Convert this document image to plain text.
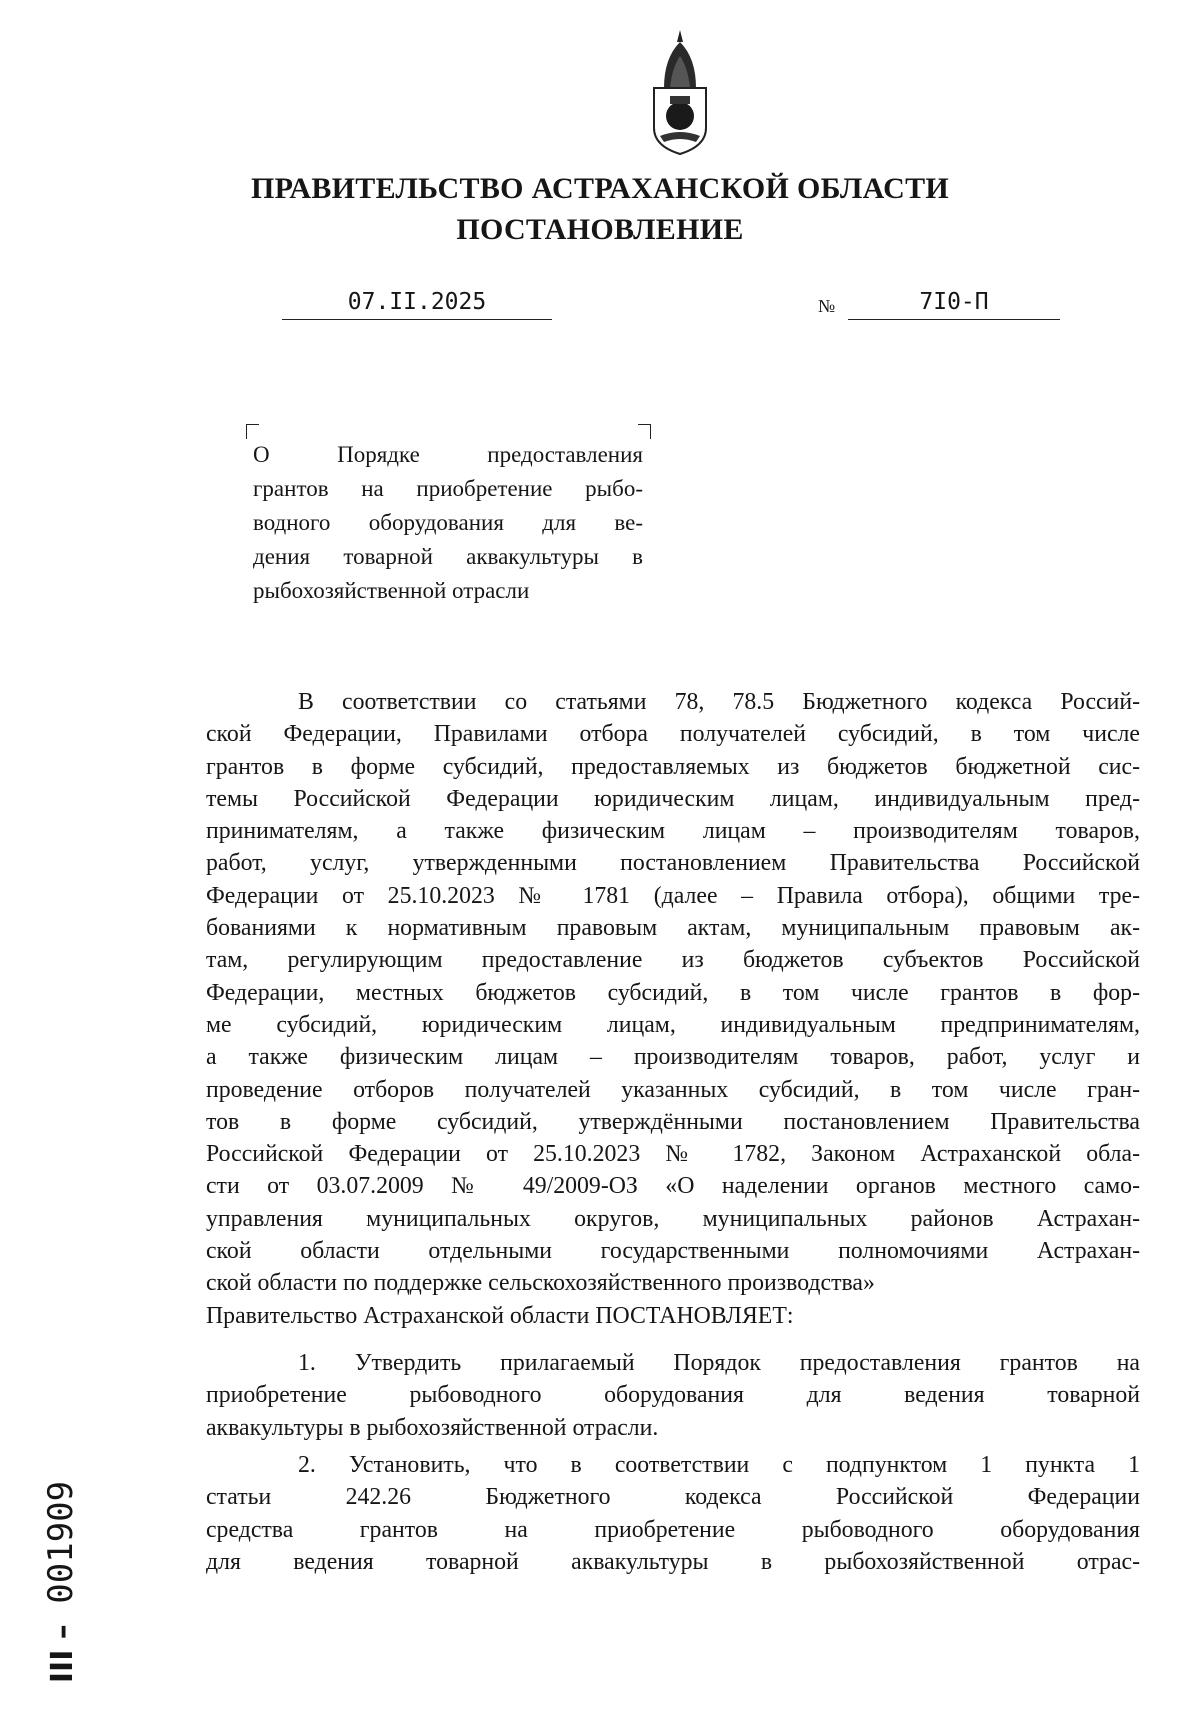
ПРАВИТЕЛЬСТВО АСТРАХАНСКОЙ ОБЛАСТИ
ПОСТАНОВЛЕНИЕ
07.II.2025	№	7I0-П

О Порядке предоставления

грантов на приобретение рыбо-

водного оборудования для ве-

дения товарной аквакультуры в

рыбохозяйственной отрасли

В соответствии со статьями 78, 78.5 Бюджетного кодекса Россий-

ской Федерации, Правилами отбора получателей субсидий, в том числе

грантов в форме субсидий, предоставляемых из бюджетов бюджетной сис-

темы Российской Федерации юридическим лицам, индивидуальным пред-

принимателям, а также физическим лицам – производителям товаров,

работ, услуг, утвержденными постановлением Правительства Российской

Федерации от 25.10.2023 № 1781 (далее – Правила отбора), общими тре-

бованиями к нормативным правовым актам, муниципальным правовым ак-

там, регулирующим предоставление из бюджетов субъектов Российской

Федерации, местных бюджетов субсидий, в том числе грантов в фор-

ме субсидий, юридическим лицам, индивидуальным предпринимателям,

а также физическим лицам – производителям товаров, работ, услуг и

проведение отборов получателей указанных субсидий, в том числе гран-

тов в форме субсидий, утверждёнными постановлением Правительства

Российской Федерации от 25.10.2023 № 1782, Законом Астраханской обла-

сти от 03.07.2009 № 49/2009-ОЗ «О наделении органов местного само-

управления муниципальных округов, муниципальных районов Астрахан-

ской области отдельными государственными полномочиями Астрахан-

ской области по поддержке сельскохозяйственного производства»

Правительство Астраханской области ПОСТАНОВЛЯЕТ:

1. Утвердить прилагаемый Порядок предоставления грантов на

приобретение рыбоводного оборудования для ведения товарной

аквакультуры в рыбохозяйственной отрасли.

2. Установить, что в соответствии с подпунктом 1 пункта 1

статьи 242.26 Бюджетного кодекса Российской Федерации

средства грантов на приобретение рыбоводного оборудования

для ведения товарной аквакультуры в рыбохозяйственной отрас-

ІІІ – 001909
